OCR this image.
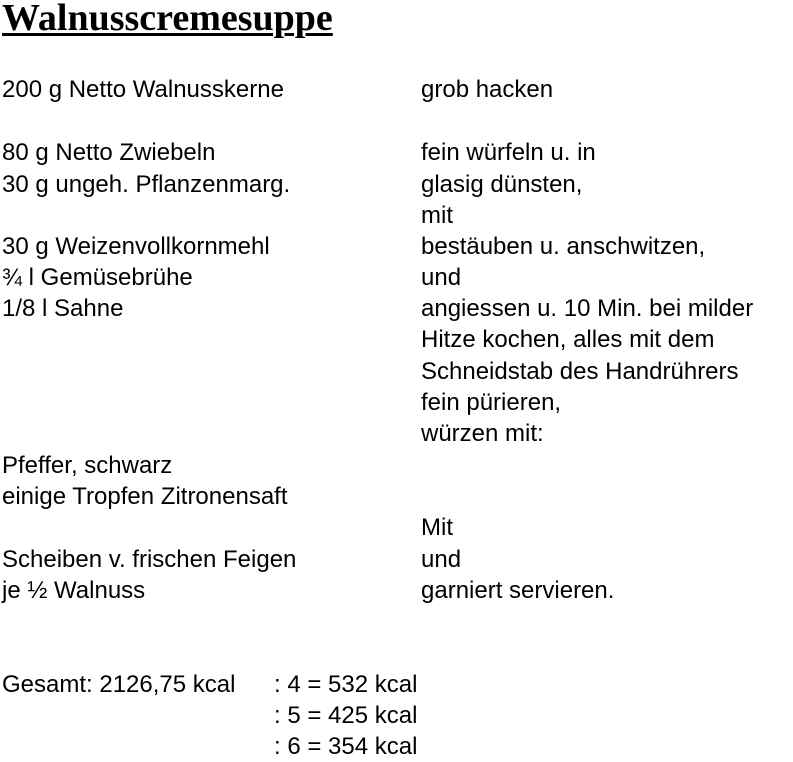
Walnusscremesuppe
200 g Netto Walnusskerne
80 g Netto Zwiebeln
30 g ungeh. Pflanzenmarg.
30 g Weizenvollkornmehl
¾ l Gemüsebrühe
1/8 l Sahne
Pfeffer, schwarz
einige Tropfen Zitronensaft
Scheiben v. frischen Feigen
je ½ Walnuss
grob hacken
fein würfeln u. in
glasig dünsten,
mit
bestäuben u. anschwitzen,
und
angiessen u. 10 Min. bei milder
Hitze kochen, alles mit dem
Schneidstab des Handrührers
fein pürieren,
würzen mit:
Mit
und
garniert servieren.
Gesamt: 2126,75 kcal : 4 = 532 kcal
: 5 = 425 kcal
: 6 = 354 kcal
